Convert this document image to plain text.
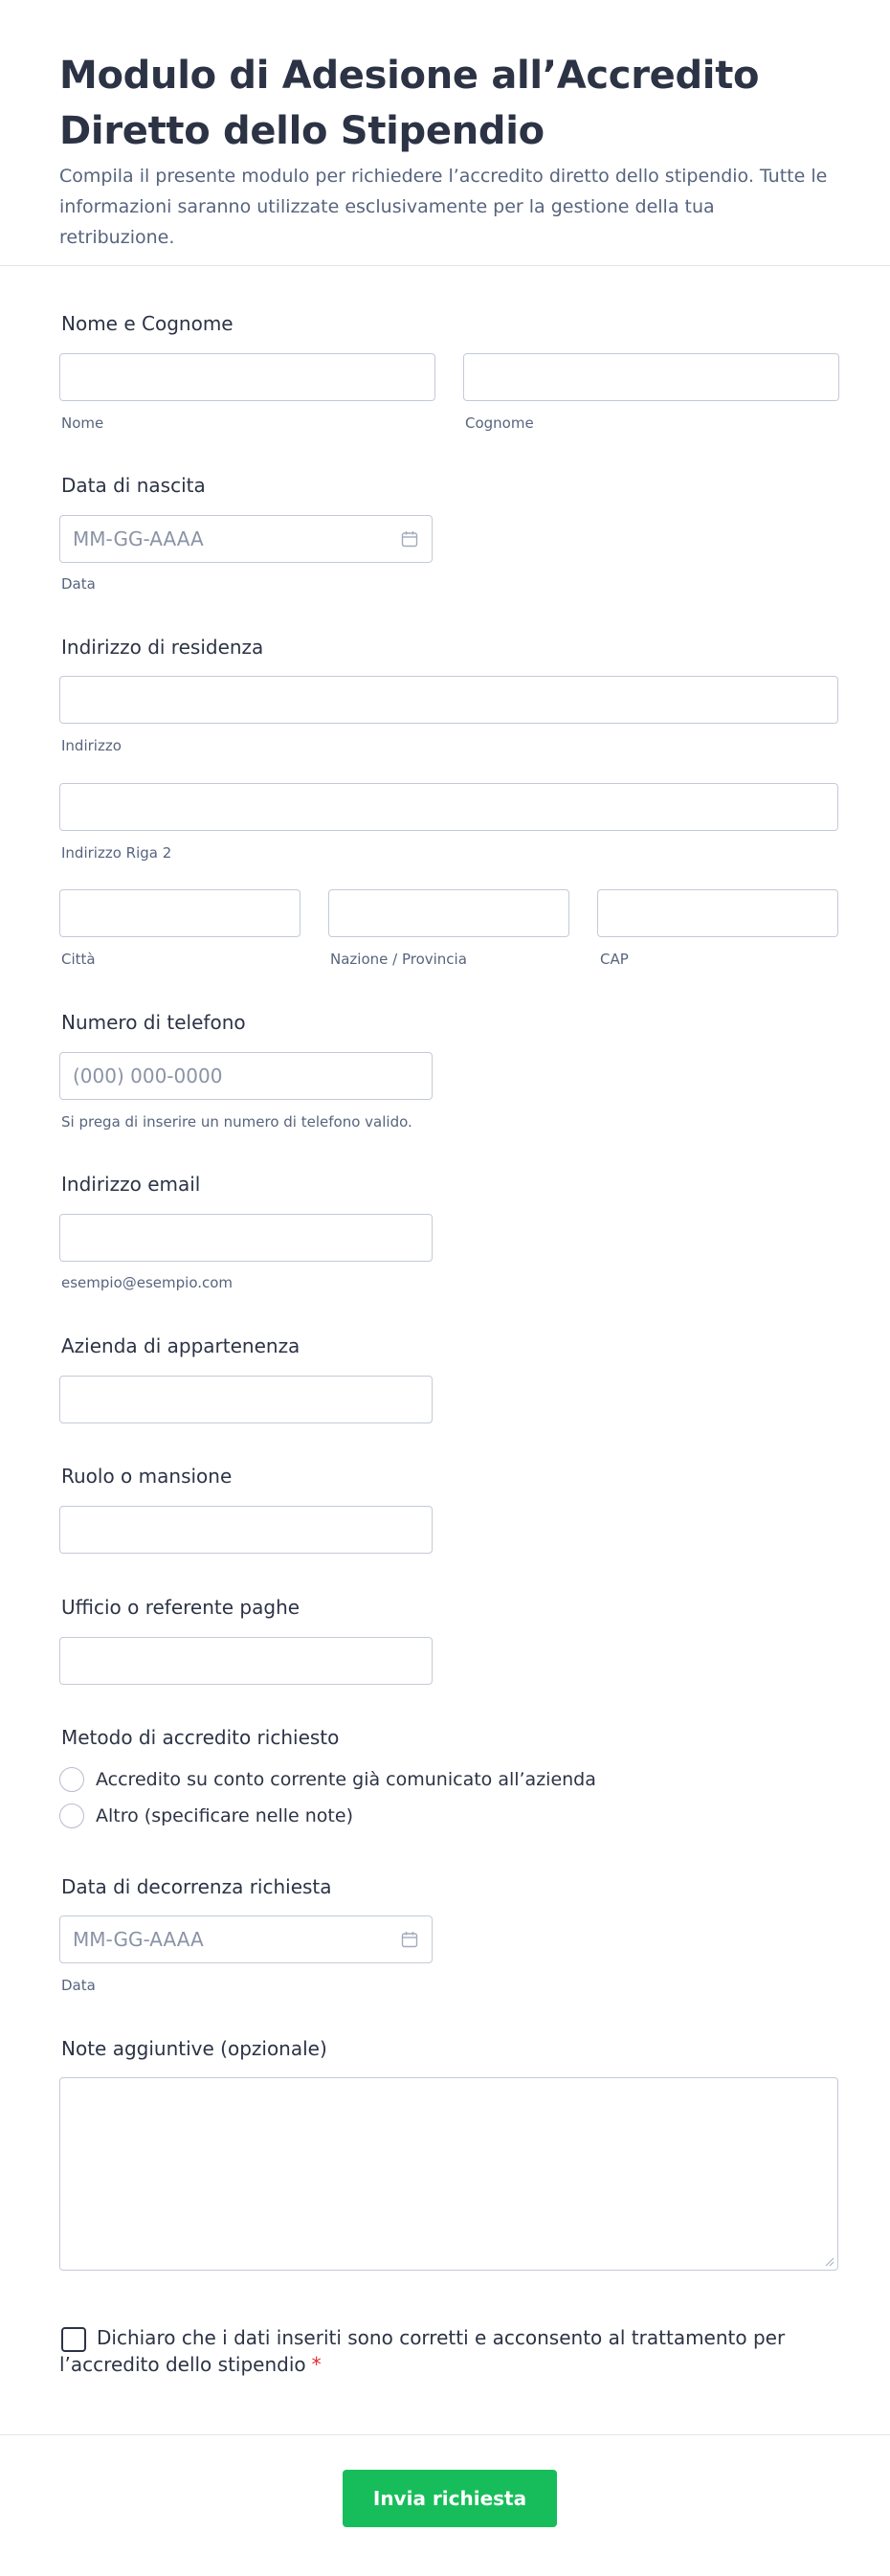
Modulo di Adesione all’Accredito Diretto dello Stipendio
Compila il presente modulo per richiedere l’accredito diretto dello stipendio. Tutte le informazioni saranno utilizzate esclusivamente per la gestione della tua retribuzione.
Nome e Cognome
Nome	Cognome
Data di nascita
MM-GG-AAAA
Data
Indirizzo di residenza
Indirizzo
Indirizzo Riga 2
Città	Nazione / Provincia	CAP
Numero di telefono
(000) 000-0000
Si prega di inserire un numero di telefono valido.
Indirizzo email
esempio@esempio.com
Azienda di appartenenza
Ruolo o mansione
Ufficio o referente paghe
Metodo di accredito richiesto
Accredito su conto corrente già comunicato all’azienda
Altro (specificare nelle note)
Data di decorrenza richiesta
MM-GG-AAAA
Data
Note aggiuntive (opzionale)
Dichiaro che i dati inseriti sono corretti e acconsento al trattamento per l’accredito dello stipendio *
Invia richiesta
